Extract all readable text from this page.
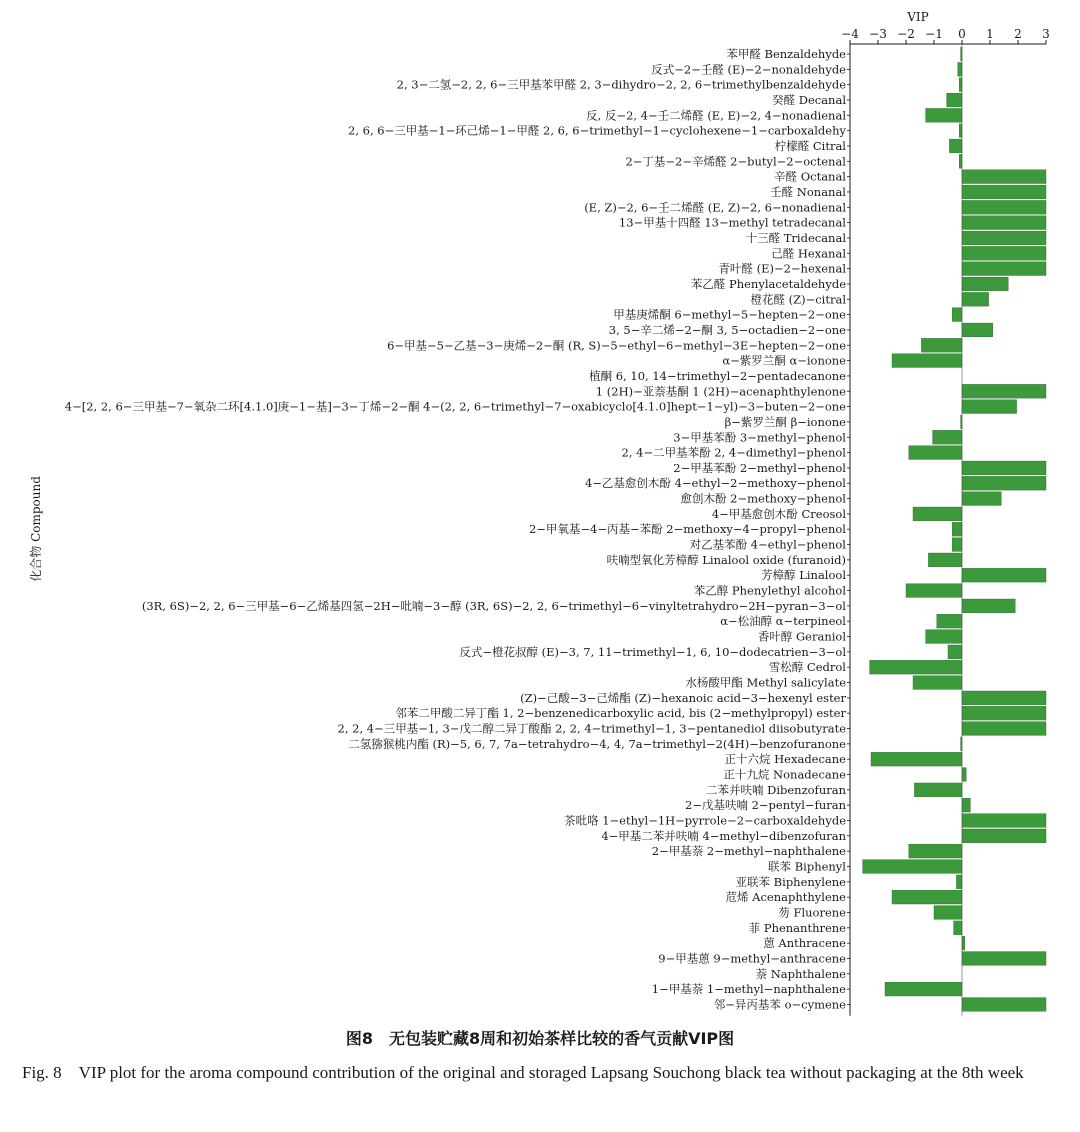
VIP
化合物 Compound
−4 −3 −2 −1 0 1 2 3
苯甲醛 Benzaldehyde
反式−2−壬醛 (E)−2−nonaldehyde
2, 3−二氢−2, 2, 6−三甲基苯甲醛 2, 3−dihydro−2, 2, 6−trimethylbenzaldehyde
癸醛 Decanal
反, 反−2, 4−壬二烯醛 (E, E)−2, 4−nonadienal
2, 6, 6−三甲基−1−环己烯−1−甲醛 2, 6, 6−trimethyl−1−cyclohexene−1−carboxaldehy
柠檬醛 Citral
2−丁基−2−辛烯醛 2−butyl−2−octenal
辛醛 Octanal
壬醛 Nonanal
(E, Z)−2, 6−壬二烯醛 (E, Z)−2, 6−nonadienal
13−甲基十四醛 13−methyl tetradecanal
十三醛 Tridecanal
己醛 Hexanal
青叶醛 (E)−2−hexenal
苯乙醛 Phenylacetaldehyde
橙花醛 (Z)−citral
甲基庚烯酮 6−methyl−5−hepten−2−one
3, 5−辛二烯−2−酮 3, 5−octadien−2−one
6−甲基−5−乙基−3−庚烯−2−酮 (R, S)−5−ethyl−6−methyl−3E−hepten−2−one
α−紫罗兰酮 α−ionone
植酮 6, 10, 14−trimethyl−2−pentadecanone
1 (2H)−亚萘基酮 1 (2H)−acenaphthylenone
4−[2, 2, 6−三甲基−7−氧杂二环[4.1.0]庚−1−基]−3−丁烯−2−酮 4−(2, 2, 6−trimethyl−7−oxabicyclo[4.1.0]hept−1−yl)−3−buten−2−one
β−紫罗兰酮 β−ionone
3−甲基苯酚 3−methyl−phenol
2, 4−二甲基苯酚 2, 4−dimethyl−phenol
2−甲基苯酚 2−methyl−phenol
4−乙基愈创木酚 4−ethyl−2−methoxy−phenol
愈创木酚 2−methoxy−phenol
4−甲基愈创木酚 Creosol
2−甲氧基−4−丙基−苯酚 2−methoxy−4−propyl−phenol
对乙基苯酚 4−ethyl−phenol
呋喃型氧化芳樟醇 Linalool oxide (furanoid)
芳樟醇 Linalool
苯乙醇 Phenylethyl alcohol
(3R, 6S)−2, 2, 6−三甲基−6−乙烯基四氢−2H−吡喃−3−醇 (3R, 6S)−2, 2, 6−trimethyl−6−vinyltetrahydro−2H−pyran−3−ol
α−松油醇 α−terpineol
香叶醇 Geraniol
反式−橙花叔醇 (E)−3, 7, 11−trimethyl−1, 6, 10−dodecatrien−3−ol
雪松醇 Cedrol
水杨酸甲酯 Methyl salicylate
(Z)−己酸−3−己烯酯 (Z)−hexanoic acid−3−hexenyl ester
邻苯二甲酸二异丁酯 1, 2−benzenedicarboxylic acid, bis (2−methylpropyl) ester
2, 2, 4−三甲基−1, 3−戊二醇二异丁酸酯 2, 2, 4−trimethyl−1, 3−pentanediol diisobutyrate
二氢猕猴桃内酯 (R)−5, 6, 7, 7a−tetrahydro−4, 4, 7a−trimethyl−2(4H)−benzofuranone
正十六烷 Hexadecane
正十九烷 Nonadecane
二苯并呋喃 Dibenzofuran
2−戊基呋喃 2−pentyl−furan
茶吡咯 1−ethyl−1H−pyrrole−2−carboxaldehyde
4−甲基二苯并呋喃 4−methyl−dibenzofuran
2−甲基萘 2−methyl−naphthalene
联苯 Biphenyl
亚联苯 Biphenylene
苊烯 Acenaphthylene
芴 Fluorene
菲 Phenanthrene
蒽 Anthracene
9−甲基蒽 9−methyl−anthracene
萘 Naphthalene
1−甲基萘 1−methyl−naphthalene
邻−异丙基苯 o−cymene
图8　无包装贮藏8周和初始茶样比较的香气贡献VIP图
Fig. 8　VIP plot for the aroma compound contribution of the original and storaged Lapsang Souchong black tea without packaging at the 8th week
